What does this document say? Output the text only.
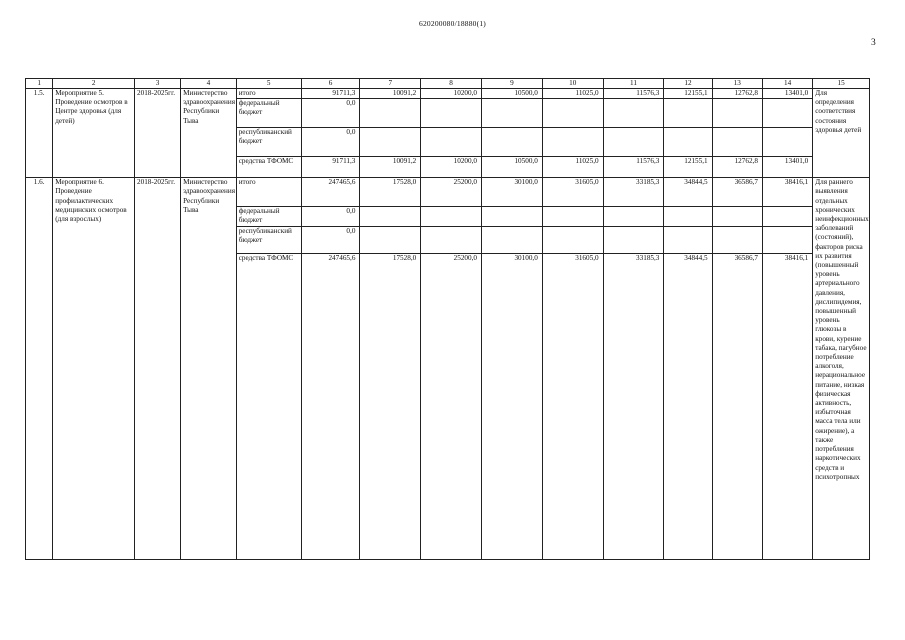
620200080/18880(1)
3
1	2	3	4	5	6	7	8	9	10	11	12	13	14	15
1.5.	Мероприятие 5. Проведение осмотров в Центре здоровья (для детей)	2018-2025гг.	Министерство здравоохранения Республики Тыва	итого	91711,3	10091,2	10200,0	10500,0	11025,0	11576,3	12155,1	12762,8	13401,0	Для определения соответствия состояния здоровья детей
				федеральный бюджет	0,0									
				республиканский бюджет	0,0									
				средства ТФОМС	91711,3	10091,2	10200,0	10500,0	11025,0	11576,3	12155,1	12762,8	13401,0	
1.6.	Мероприятие 6. Проведение профилактических медицинских осмотров (для взрослых)	2018-2025гг.	Министерство здравоохранения Республики Тыва	итого	247465,6	17528,0	25200,0	30100,0	31605,0	33185,3	34844,5	36586,7	38416,1	Для раннего выявления отдельных хронических неинфекционных заболеваний (состояний), факторов риска их развития (повышенный уровень артериального давления, дислипидемия, повышенный уровень глюкозы в крови, курение табака, пагубное потребление алкоголя, нерациональное питание, низкая физическая активность, избыточная масса тела или ожирение), а также потребления наркотических средств и психотропных
				федеральный бюджет	0,0									
				республиканский бюджет	0,0									
				средства ТФОМС	247465,6	17528,0	25200,0	30100,0	31605,0	33185,3	34844,5	36586,7	38416,1	
